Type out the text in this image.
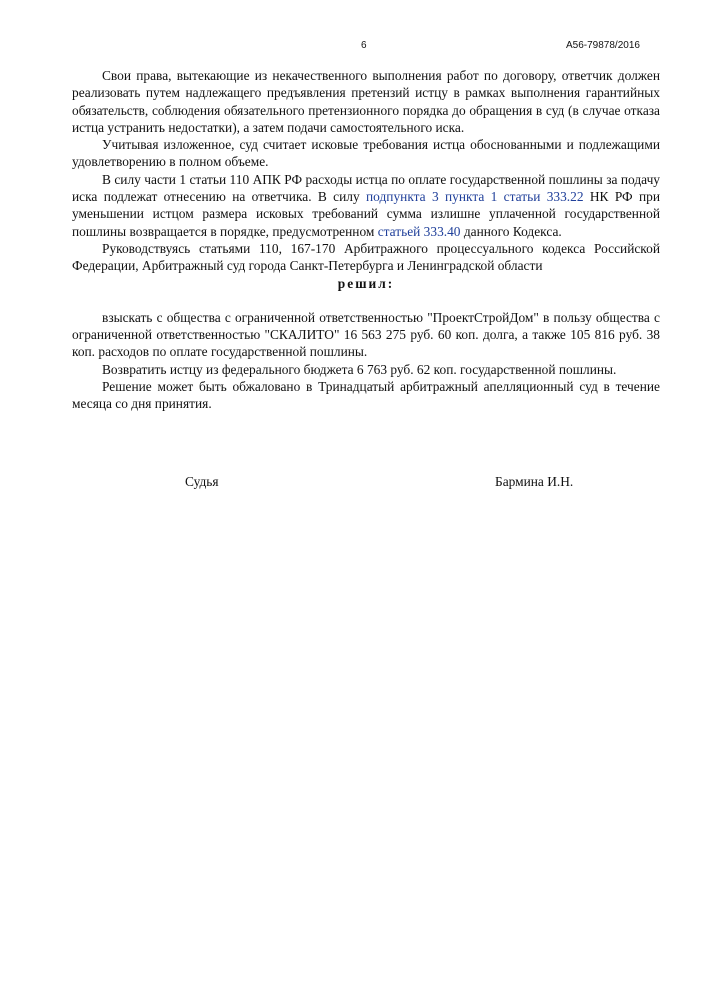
6	А56-79878/2016

Свои права, вытекающие из некачественного выполнения работ по договору, ответчик должен реализовать путем надлежащего предъявления претензий истцу в рамках выполнения гарантийных обязательств, соблюдения обязательного претензионного порядка до обращения в суд (в случае отказа истца устранить недостатки), а затем подачи самостоятельного иска.

Учитывая изложенное, суд считает исковые требования истца обоснованными и подлежащими удовлетворению в полном объеме.

В силу части 1 статьи 110 АПК РФ расходы истца по оплате государственной пошлины за подачу иска подлежат отнесению на ответчика. В силу подпункта 3 пункта 1 статьи 333.22 НК РФ при уменьшении истцом размера исковых требований сумма излишне уплаченной государственной пошлины возвращается в порядке, предусмотренном статьей 333.40 данного Кодекса.

Руководствуясь статьями 110, 167-170 Арбитражного процессуального кодекса Российской Федерации, Арбитражный суд города Санкт-Петербурга и Ленинградской области

решил:

взыскать с общества с ограниченной ответственностью "ПроектСтройДом" в пользу общества с ограниченной ответственностью "СКАЛИТО" 16 563 275 руб. 60 коп. долга, а также 105 816 руб. 38 коп. расходов по оплате государственной пошлины.

Возвратить истцу из федерального бюджета 6 763 руб. 62 коп. государственной пошлины.

Решение может быть обжаловано в Тринадцатый арбитражный апелляционный суд в течение месяца со дня принятия.

Судья	Бармина И.Н.
